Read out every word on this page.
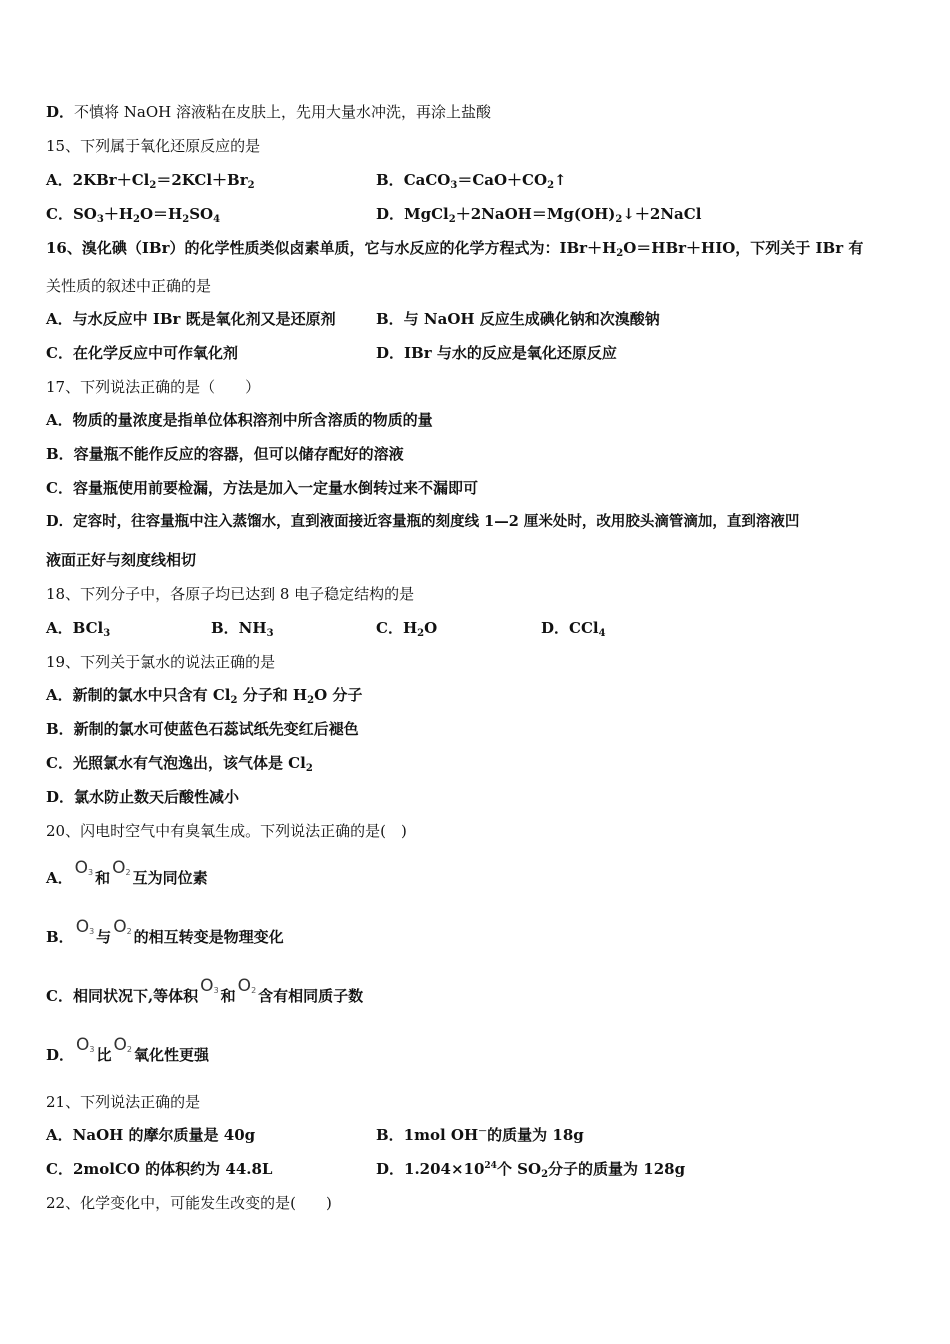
D．不慎将 NaOH 溶液粘在皮肤上，先用大量水冲洗，再涂上盐酸
15、下列属于氧化还原反应的是
A．$2KBr+Cl_2=2KCl+Br_2$	B．$CaCO_3=CaO+CO_2↑$
C．$SO_3+H_2O=H_2SO_4$	D．$MgCl_2+2NaOH=Mg(OH)_2↓+2NaCl$
16、溴化碘（IBr）的化学性质类似卤素单质，它与水反应的化学方程式为：$IBr+H_2O=HBr+HIO$，下列关于 IBr 有
关性质的叙述中正确的是
A．与水反应中 IBr 既是氧化剂又是还原剂	B．与 NaOH 反应生成碘化钠和次溴酸钠
C．在化学反应中可作氧化剂	D．IBr 与水的反应是氧化还原反应
17、下列说法正确的是（　　）
A．物质的量浓度是指单位体积溶剂中所含溶质的物质的量
B．容量瓶不能作反应的容器，但可以储存配好的溶液
C．容量瓶使用前要检漏，方法是加入一定量水倒转过来不漏即可
D．定容时，往容量瓶中注入蒸馏水，直到液面接近容量瓶的刻度线 1—2 厘米处时，改用胶头滴管滴加，直到溶液凹
液面正好与刻度线相切
18、下列分子中，各原子均已达到 8 电子稳定结构的是
A．BCl$_3$	B．$NH_3$	C．$H_2O$	D．CCl$_4$
19、下列关于氯水的说法正确的是
A．新制的氯水中只含有 $Cl_2$ 分子和 $H_2O$ 分子
B．新制的氯水可使蓝色石蕊试纸先变红后褪色
C．光照氯水有气泡逸出，该气体是 $Cl_2$
D．氯水防止数天后酸性减小
20、闪电时空气中有臭氧生成。下列说法正确的是(　)
A． $O_3$ 和 $O_2$ 互为同位素
B． $O_3$ 与 $O_2$ 的相互转变是物理变化
C．相同状况下,等体积 $O_3$ 和 $O_2$ 含有相同质子数
D． $O_3$ 比 $O_2$ 氧化性更强
21、下列说法正确的是
A．NaOH 的摩尔质量是 40g	B．1mol OH－的质量为 18g
C．2molCO 的体积约为 44.8L	D．$1.204\times 10^{24}$个 $SO_2$分子的质量为 128g
22、化学变化中，可能发生改变的是(　　)
